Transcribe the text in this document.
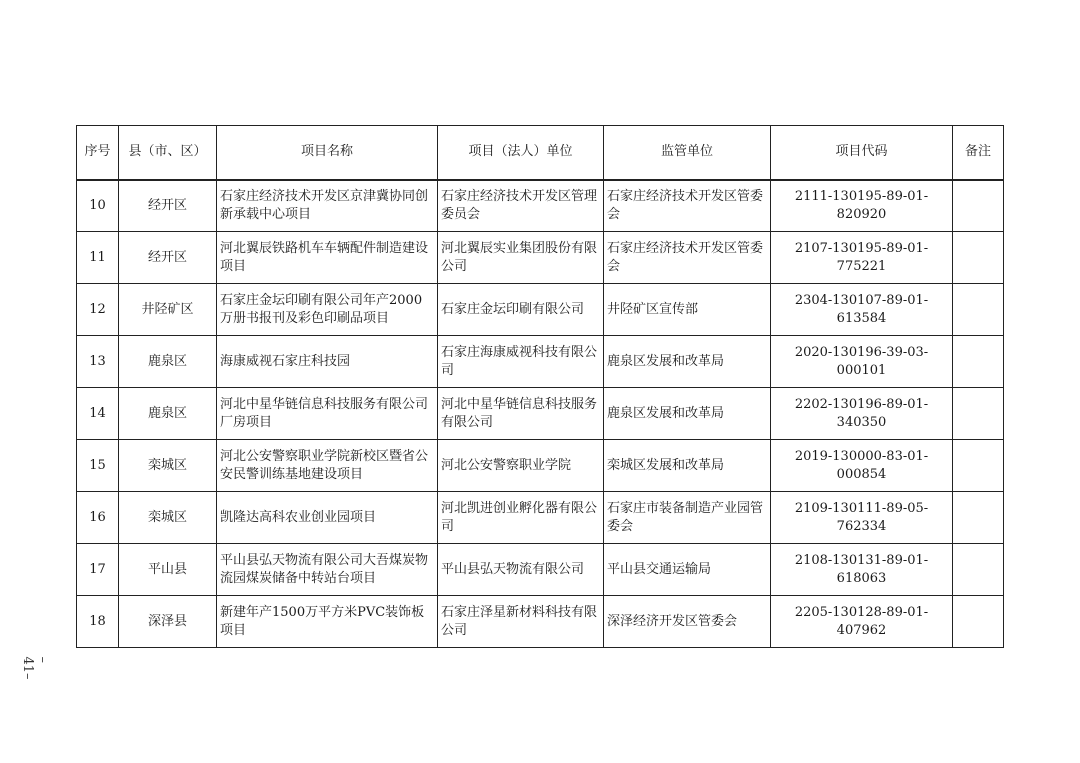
序号	县（市、区）	项目名称	项目（法人）单位	监管单位	项目代码	备注
10	经开区	石家庄经济技术开发区京津冀协同创新承载中心项目	石家庄经济技术开发区管理委员会	石家庄经济技术开发区管委会	2111-130195-89-01-820920	
11	经开区	河北翼辰铁路机车车辆配件制造建设项目	河北翼辰实业集团股份有限公司	石家庄经济技术开发区管委会	2107-130195-89-01-775221	
12	井陉矿区	石家庄金坛印刷有限公司年产2000万册书报刊及彩色印刷品项目	石家庄金坛印刷有限公司	井陉矿区宣传部	2304-130107-89-01-613584	
13	鹿泉区	海康威视石家庄科技园	石家庄海康威视科技有限公司	鹿泉区发展和改革局	2020-130196-39-03-000101	
14	鹿泉区	河北中星华链信息科技服务有限公司厂房项目	河北中星华链信息科技服务有限公司	鹿泉区发展和改革局	2202-130196-89-01-340350	
15	栾城区	河北公安警察职业学院新校区暨省公安民警训练基地建设项目	河北公安警察职业学院	栾城区发展和改革局	2019-130000-83-01-000854	
16	栾城区	凯隆达高科农业创业园项目	河北凯进创业孵化器有限公司	石家庄市装备制造产业园管委会	2109-130111-89-05-762334	
17	平山县	平山县弘天物流有限公司大吾煤炭物流园煤炭储备中转站台项目	平山县弘天物流有限公司	平山县交通运输局	2108-130131-89-01-618063	
18	深泽县	新建年产1500万平方米PVC装饰板项目	石家庄泽星新材料科技有限公司	深泽经济开发区管委会	2205-130128-89-01-407962	
–41–
